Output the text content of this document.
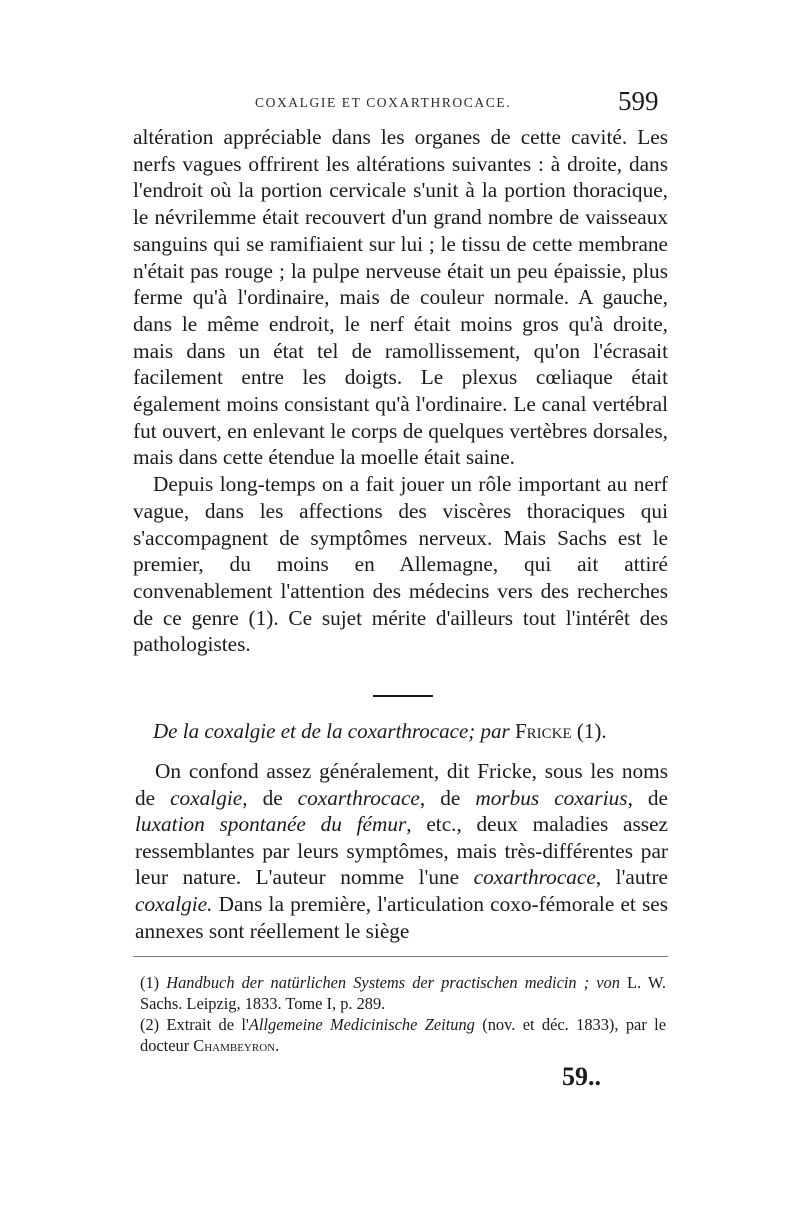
COXALGIE ET COXARTHROCACE.	599

altération appréciable dans les organes de cette cavité. Les nerfs vagues offrirent les altérations suivantes : à droite, dans l'endroit où la portion cervicale s'unit à la portion thoracique, le névrilemme était recouvert d'un grand nombre de vaisseaux sanguins qui se ramifiaient sur lui ; le tissu de cette membrane n'était pas rouge ; la pulpe nerveuse était un peu épaissie, plus ferme qu'à l'ordinaire, mais de couleur normale. A gauche, dans le même endroit, le nerf était moins gros qu'à droite, mais dans un état tel de ramollissement, qu'on l'écrasait facilement entre les doigts. Le plexus cœliaque était également moins consistant qu'à l'ordinaire. Le canal vertébral fut ouvert, en enlevant le corps de quelques vertèbres dorsales, mais dans cette étendue la moelle était saine.

Depuis long-temps on a fait jouer un rôle important au nerf vague, dans les affections des viscères thoraciques qui s'accompagnent de symptômes nerveux. Mais Sachs est le premier, du moins en Allemagne, qui ait attiré convenablement l'attention des médecins vers des recherches de ce genre (1). Ce sujet mérite d'ailleurs tout l'intérêt des pathologistes.

De la coxalgie et de la coxarthrocace; par Fricke (1).
On confond assez généralement, dit Fricke, sous les noms de coxalgie, de coxarthrocace, de morbus coxarius, de luxation spontanée du fémur, etc., deux maladies assez ressemblantes par leurs symptômes, mais très-différentes par leur nature. L'auteur nomme l'une coxarthrocace, l'autre coxalgie. Dans la première, l'articulation coxo-fémorale et ses annexes sont réellement le siège

(1) Handbuch der natürlichen Systems der practischen medicin ; von L. W. Sachs. Leipzig, 1833. Tome I, p. 289.

(2) Extrait de l'Allgemeine Medicinische Zeitung (nov. et déc. 1833), par le docteur Chambeyron.

59..
